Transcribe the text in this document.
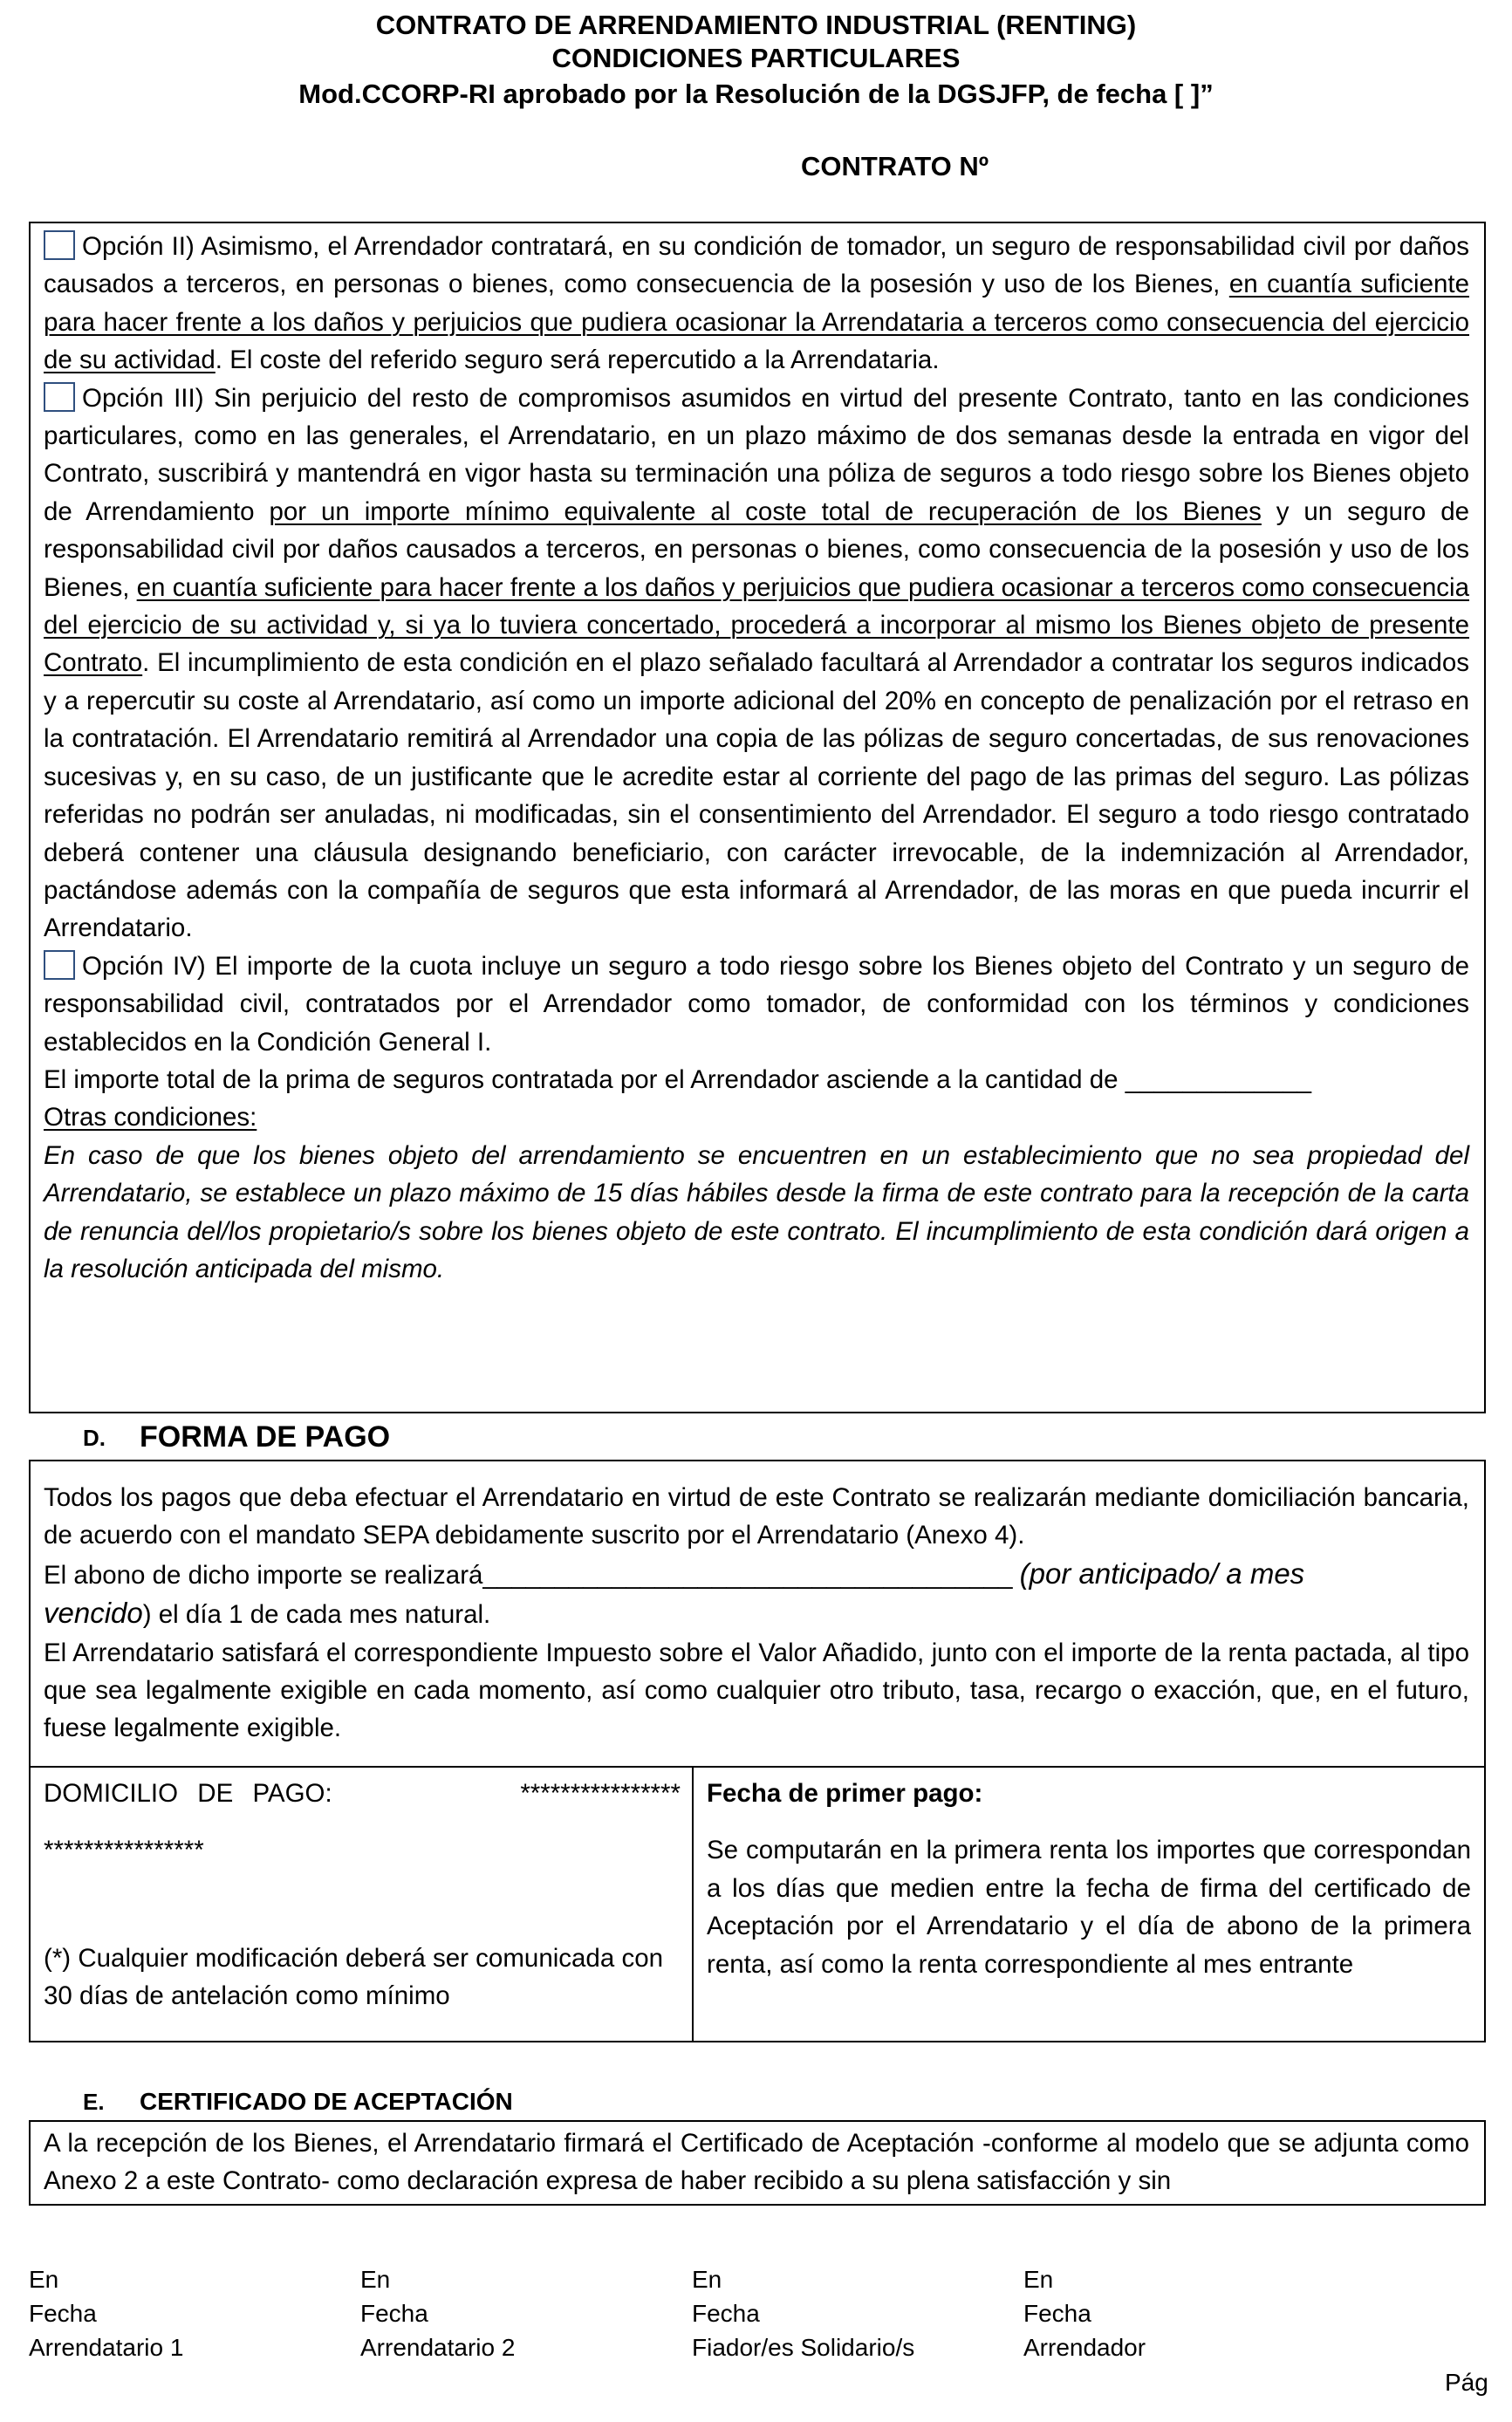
CONTRATO DE ARRENDAMIENTO INDUSTRIAL (RENTING)
CONDICIONES PARTICULARES
Mod.CCORP-RI aprobado por la Resolución de la DGSJFP, de fecha [ ]”
CONTRATO Nº

Opción II) Asimismo, el Arrendador contratará, en su condición de tomador, un seguro de responsabilidad civil por daños causados a terceros, en personas o bienes, como consecuencia de la posesión y uso de los Bienes, en cuantía suficiente para hacer frente a los daños y perjuicios que pudiera ocasionar la Arrendataria a terceros como consecuencia del ejercicio de su actividad. El coste del referido seguro será repercutido a la Arrendataria.

Opción III) Sin perjuicio del resto de compromisos asumidos en virtud del presente Contrato, tanto en las condiciones particulares, como en las generales, el Arrendatario, en un plazo máximo de dos semanas desde la entrada en vigor del Contrato, suscribirá y mantendrá en vigor hasta su terminación una póliza de seguros a todo riesgo sobre los Bienes objeto de Arrendamiento por un importe mínimo equivalente al coste total de recuperación de los Bienes y un seguro de responsabilidad civil por daños causados a terceros, en personas o bienes, como consecuencia de la posesión y uso de los Bienes, en cuantía suficiente para hacer frente a los daños y perjuicios que pudiera ocasionar a terceros como consecuencia del ejercicio de su actividad y, si ya lo tuviera concertado, procederá a incorporar al mismo los Bienes objeto de presente Contrato. El incumplimiento de esta condición en el plazo señalado facultará al Arrendador a contratar los seguros indicados y a repercutir su coste al Arrendatario, así como un importe adicional del 20% en concepto de penalización por el retraso en la contratación. El Arrendatario remitirá al Arrendador una copia de las pólizas de seguro concertadas, de sus renovaciones sucesivas y, en su caso, de un justificante que le acredite estar al corriente del pago de las primas del seguro. Las pólizas referidas no podrán ser anuladas, ni modificadas, sin el consentimiento del Arrendador. El seguro a todo riesgo contratado deberá contener una cláusula designando beneficiario, con carácter irrevocable, de la indemnización al Arrendador, pactándose además con la compañía de seguros que esta informará al Arrendador, de las moras en que pueda incurrir el Arrendatario.

Opción IV) El importe de la cuota incluye un seguro a todo riesgo sobre los Bienes objeto del Contrato y un seguro de responsabilidad civil, contratados por el Arrendador como tomador, de conformidad con los términos y condiciones establecidos en la Condición General I.

El importe total de la prima de seguros contratada por el Arrendador asciende a la cantidad de _____________

Otras condiciones:

En caso de que los bienes objeto del arrendamiento se encuentren en un establecimiento que no sea propiedad del Arrendatario, se establece un plazo máximo de 15 días hábiles desde la firma de este contrato para la recepción de la carta de renuncia del/los propietario/s sobre los bienes objeto de este contrato. El incumplimiento de esta condición dará origen a la resolución anticipada del mismo.

D. FORMA DE PAGO

Todos los pagos que deba efectuar el Arrendatario en virtud de este Contrato se realizarán mediante domiciliación bancaria, de acuerdo con el mandato SEPA debidamente suscrito por el Arrendatario (Anexo 4).

El abono de dicho importe se realizará_____________________________________ (por anticipado/ a mes
vencido) el día 1 de cada mes natural.

El Arrendatario satisfará el correspondiente Impuesto sobre el Valor Añadido, junto con el importe de la renta pactada, al tipo que sea legalmente exigible en cada momento, así como cualquier otro tributo, tasa, recargo o exacción, que, en el futuro, fuese legalmente exigible.

DOMICILIO DE PAGO:	****************
****************
(*) Cualquier modificación deberá ser comunicada con 30 días de antelación como mínimo
Fecha de primer pago:
Se computarán en la primera renta los importes que correspondan a los días que medien entre la fecha de firma del certificado de Aceptación por el Arrendatario y el día de abono de la primera renta, así como la renta correspondiente al mes entrante
E. CERTIFICADO DE ACEPTACIÓN
A la recepción de los Bienes, el Arrendatario firmará el Certificado de Aceptación -conforme al modelo que se adjunta como Anexo 2 a este Contrato- como declaración expresa de haber recibido a su plena satisfacción y sin
En
Fecha
Arrendatario 1
En
Fecha
Arrendatario 2
En
Fecha
Fiador/es Solidario/s
En
Fecha
Arrendador
Pág
